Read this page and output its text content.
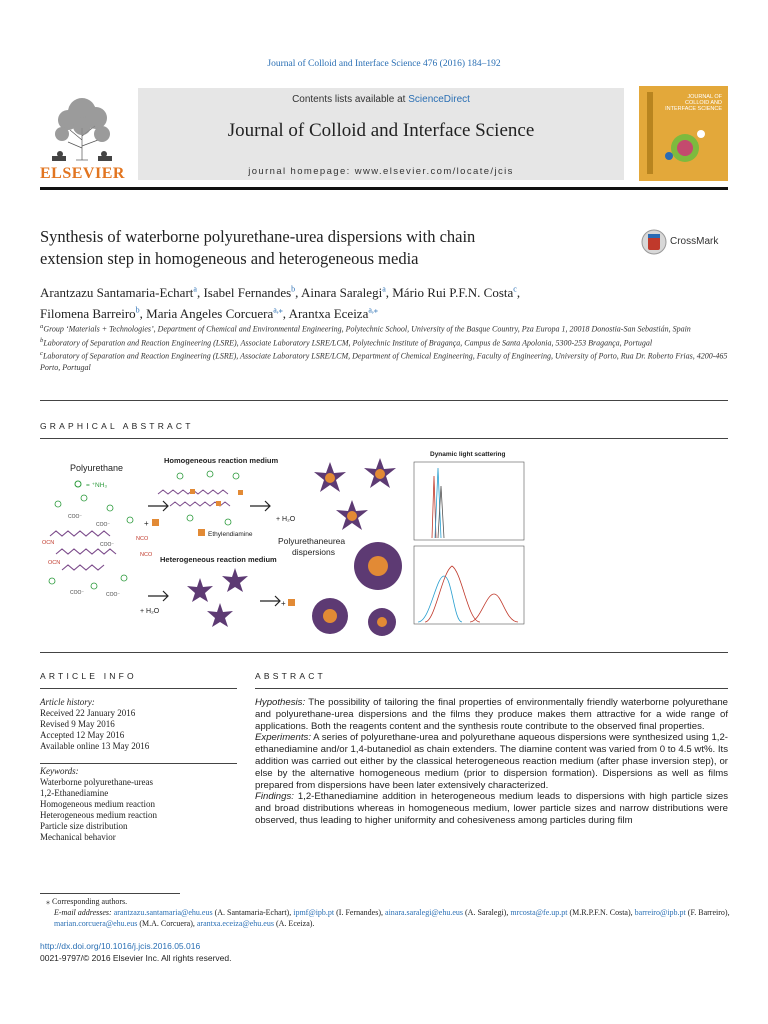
Journal of Colloid and Interface Science 476 (2016) 184–192
ELSEVIER
Contents lists available at ScienceDirect
Journal of Colloid and Interface Science
journal homepage: www.elsevier.com/locate/jcis
JOURNAL OF COLLOID AND INTERFACE SCIENCE
Synthesis of waterborne polyurethane-urea dispersions with chain
extension step in homogeneous and heterogeneous media
CrossMark
Arantzazu Santamaria-Echart$^a$, Isabel Fernandes$^b$, Ainara Saralegi$^a$, Mário Rui P.F.N. Costa$^c$,
Filomena Barreiro$^b$, Maria Angeles Corcuera$^{a,⁎}$, Arantxa Eceiza$^{a,⁎}$
$^a$Group ‘Materials + Technologies’, Department of Chemical and Environmental Engineering, Polytechnic School, University of the Basque Country, Pza Europa 1, 20018 Donostia-San Sebastián, Spain
$^b$Laboratory of Separation and Reaction Engineering (LSRE), Associate Laboratory LSRE/LCM, Polytechnic Institute of Bragança, Campus de Santa Apolonia, 5300-253 Bragança, Portugal
$^c$Laboratory of Separation and Reaction Engineering (LSRE), Associate Laboratory LSRE/LCM, Department of Chemical Engineering, Faculty of Engineering, University of Porto, Rua Dr. Roberto Frias, 4200-465 Porto, Portugal
GRAPHICAL ABSTRACT
Polyurethane
= ⁺NH₃
OCN
NCO
NCO
OCN
COO⁻
COO⁻
COO⁻	COO⁻
COO⁻
+
Homogeneous reaction medium
Ethylendiamine
+ H₂O
Polyurethaneurea
dispersions
Heterogeneous reaction medium
+ H₂O
+
Dynamic light scattering
ARTICLE INFO	ABSTRACT
Article history:
Received 22 January 2016
Revised 9 May 2016
Accepted 12 May 2016
Available online 13 May 2016
Keywords:
Waterborne polyurethane-ureas
1,2-Ethanediamine
Homogeneous medium reaction
Heterogeneous medium reaction
Particle size distribution
Mechanical behavior
Hypothesis: The possibility of tailoring the final properties of environmentally friendly waterborne polyurethane and polyurethane-urea dispersions and the films they produce makes them attractive for a wide range of applications. Both the reagents content and the synthesis route contribute to the observed final properties.
Experiments: A series of polyurethane-urea and polyurethane aqueous dispersions were synthesized using 1,2-ethanediamine and/or 1,4-butanediol as chain extenders. The diamine content was varied from 0 to 4.5 wt%. Its addition was carried out either by the classical heterogeneous reaction medium (after phase inversion step), or else by the alternative homogeneous medium (prior to dispersion formation). Dispersions as well as films prepared from dispersions have been later extensively characterized.
Findings: 1,2-Ethanediamine addition in heterogeneous medium leads to dispersions with high particle sizes and broad distributions whereas in homogeneous medium, lower particle sizes and narrow distributions were observed, thus leading to higher uniformity and cohesiveness among particles during film
⁎ Corresponding authors.
E-mail addresses: arantzazu.santamaria@ehu.eus (A. Santamaria-Echart), ipmf@ipb.pt (I. Fernandes), ainara.saralegi@ehu.eus (A. Saralegi), mrcosta@fe.up.pt (M.R.P.F.N. Costa), barreiro@ipb.pt (F. Barreiro), marian.corcuera@ehu.eus (M.A. Corcuera), arantxa.eceiza@ehu.eus (A. Eceiza).
http://dx.doi.org/10.1016/j.jcis.2016.05.016
0021-9797/© 2016 Elsevier Inc. All rights reserved.
